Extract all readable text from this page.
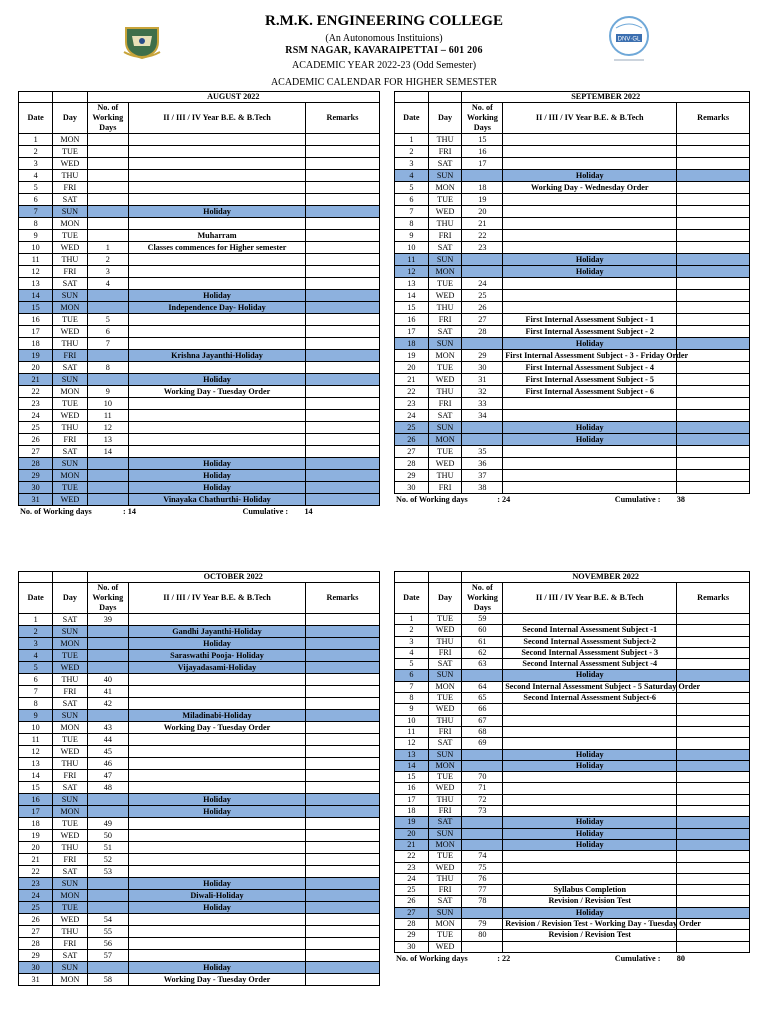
DNV·GL
R.M.K. ENGINEERING COLLEGE
(An Autonomous Instituions)
RSM NAGAR, KAVARAIPETTAI – 601 206
ACADEMIC YEAR 2022-23 (Odd Semester)
ACADEMIC CALENDAR FOR HIGHER SEMESTER
		AUGUST 2022		
Date	Day	No. of Working Days	II / III / IV Year B.E. & B.Tech	Remarks
1	MON			
2	TUE			
3	WED			
4	THU			
5	FRI			
6	SAT			
7	SUN		Holiday	
8	MON			
9	TUE		Muharram	
10	WED	1	Classes commences for Higher semester	
11	THU	2		
12	FRI	3		
13	SAT	4		
14	SUN		Holiday	
15	MON		Independence Day- Holiday	
16	TUE	5		
17	WED	6		
18	THU	7		
19	FRI		Krishna Jayanthi-Holiday	
20	SAT	8		
21	SUN		Holiday	
22	MON	9	Working Day - Tuesday Order	
23	TUE	10		
24	WED	11		
25	THU	12		
26	FRI	13		
27	SAT	14		
28	SUN		Holiday	
29	MON		Holiday	
30	TUE		Holiday	
31	WED		Vinayaka Chathurthi- Holiday	
No. of Working days	: 14	Cumulative : 14
		SEPTEMBER 2022		
Date	Day	No. of Working Days	II / III / IV Year B.E. & B.Tech	Remarks
1	THU	15		
2	FRI	16		
3	SAT	17		
4	SUN		Holiday	
5	MON	18	Working Day - Wednesday Order	
6	TUE	19		
7	WED	20		
8	THU	21		
9	FRI	22		
10	SAT	23		
11	SUN		Holiday	
12	MON		Holiday	
13	TUE	24		
14	WED	25		
15	THU	26		
16	FRI	27	First Internal Assessment Subject - 1	
17	SAT	28	First Internal Assessment Subject - 2	
18	SUN		Holiday	
19	MON	29	First Internal Assessment Subject - 3 - Friday Order	
20	TUE	30	First Internal Assessment Subject - 4	
21	WED	31	First Internal Assessment Subject - 5	
22	THU	32	First Internal Assessment Subject - 6	
23	FRI	33		
24	SAT	34		
25	SUN		Holiday	
26	MON		Holiday	
27	TUE	35		
28	WED	36		
29	THU	37		
30	FRI	38		
No. of Working days	: 24	Cumulative : 38
		OCTOBER 2022		
Date	Day	No. of Working Days	II / III / IV Year B.E. & B.Tech	Remarks
1	SAT	39		
2	SUN		Gandhi Jayanthi-Holiday	
3	MON		Holiday	
4	TUE		Saraswathi Pooja- Holiday	
5	WED		Vijayadasami-Holiday	
6	THU	40		
7	FRI	41		
8	SAT	42		
9	SUN		Miladinabi-Holiday	
10	MON	43	Working Day - Tuesday Order	
11	TUE	44		
12	WED	45		
13	THU	46		
14	FRI	47		
15	SAT	48		
16	SUN		Holiday	
17	MON		Holiday	
18	TUE	49		
19	WED	50		
20	THU	51		
21	FRI	52		
22	SAT	53		
23	SUN		Holiday	
24	MON		Diwali-Holiday	
25	TUE		Holiday	
26	WED	54		
27	THU	55		
28	FRI	56		
29	SAT	57		
30	SUN		Holiday	
31	MON	58	Working Day - Tuesday Order	
		NOVEMBER 2022		
Date	Day	No. of Working Days	II / III / IV Year B.E. & B.Tech	Remarks
1	TUE	59		
2	WED	60	Second Internal Assessment Subject -1	
3	THU	61	Second Internal Assessment Subject-2	
4	FRI	62	Second Internal Assessment Subject - 3	
5	SAT	63	Second Internal Assessment Subject -4	
6	SUN		Holiday	
7	MON	64	Second Internal Assessment Subject - 5 Saturday Order	
8	TUE	65	Second Internal Assessment Subject-6	
9	WED	66		
10	THU	67		
11	FRI	68		
12	SAT	69		
13	SUN		Holiday	
14	MON		Holiday	
15	TUE	70		
16	WED	71		
17	THU	72		
18	FRI	73		
19	SAT		Holiday	
20	SUN		Holiday	
21	MON		Holiday	
22	TUE	74		
23	WED	75		
24	THU	76		
25	FRI	77	Syllabus Completion	
26	SAT	78	Revision / Revision Test	
27	SUN		Holiday	
28	MON	79	Revision / Revision Test - Working Day - Tuesday Order	
29	TUE	80	Revision / Revision Test	
30	WED			
No. of Working days	: 22	Cumulative : 80
